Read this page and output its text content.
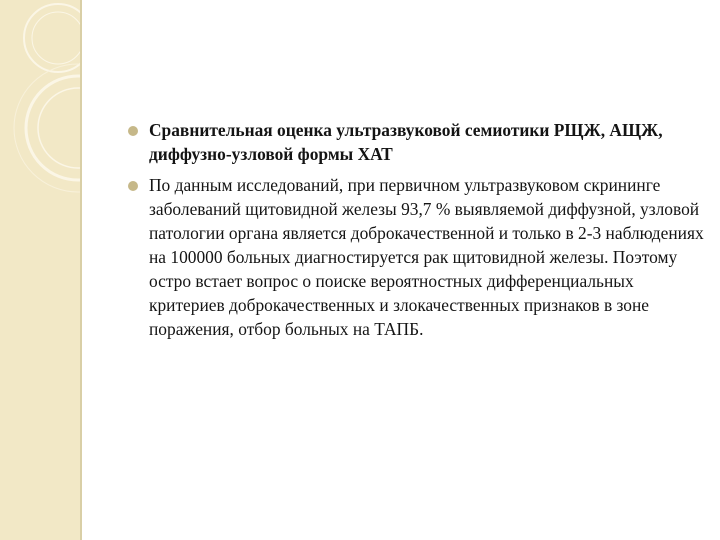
Сравнительная оценка ультразвуковой семиотики РЩЖ, АЩЖ, диффузно-узловой формы ХАТ
По данным исследований, при первичном ультразвуковом скрининге заболеваний щитовидной железы 93,7 % выявляемой диффузной, узловой патологии органа является доброкачественной и только в 2-3 наблюдениях на 100000 больных диагностируется рак щитовидной железы. Поэтому остро встает вопрос о поиске вероятностных дифференциальных критериев доброкачественных и злокачественных признаков в зоне поражения, отбор больных на ТАПБ.
